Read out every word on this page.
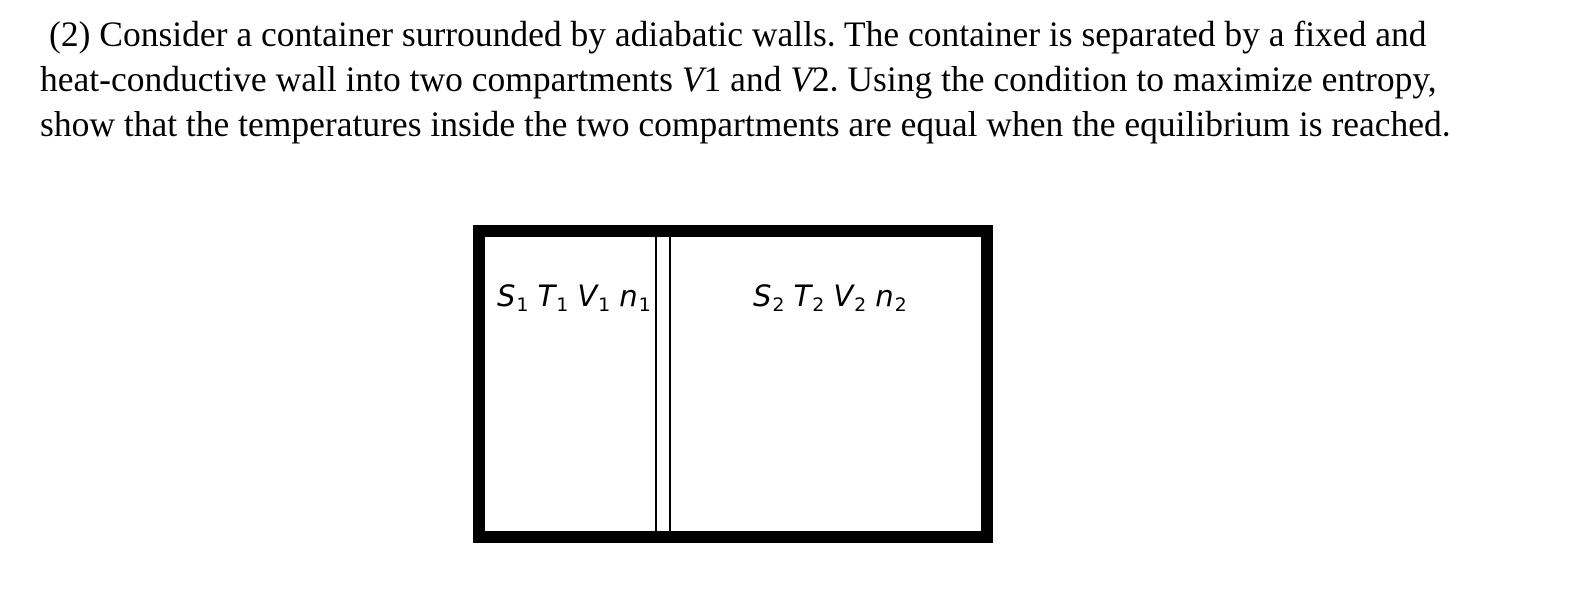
(2) Consider a container surrounded by adiabatic walls. The container is separated by a fixed and
heat-conductive wall into two compartments V1 and V2. Using the condition to maximize entropy,
show that the temperatures inside the two compartments are equal when the equilibrium is reached.

$S_1$ $T_1$ $V_1$ $n_1$	$S_2$ $T_2$ $V_2$ $n_2$
